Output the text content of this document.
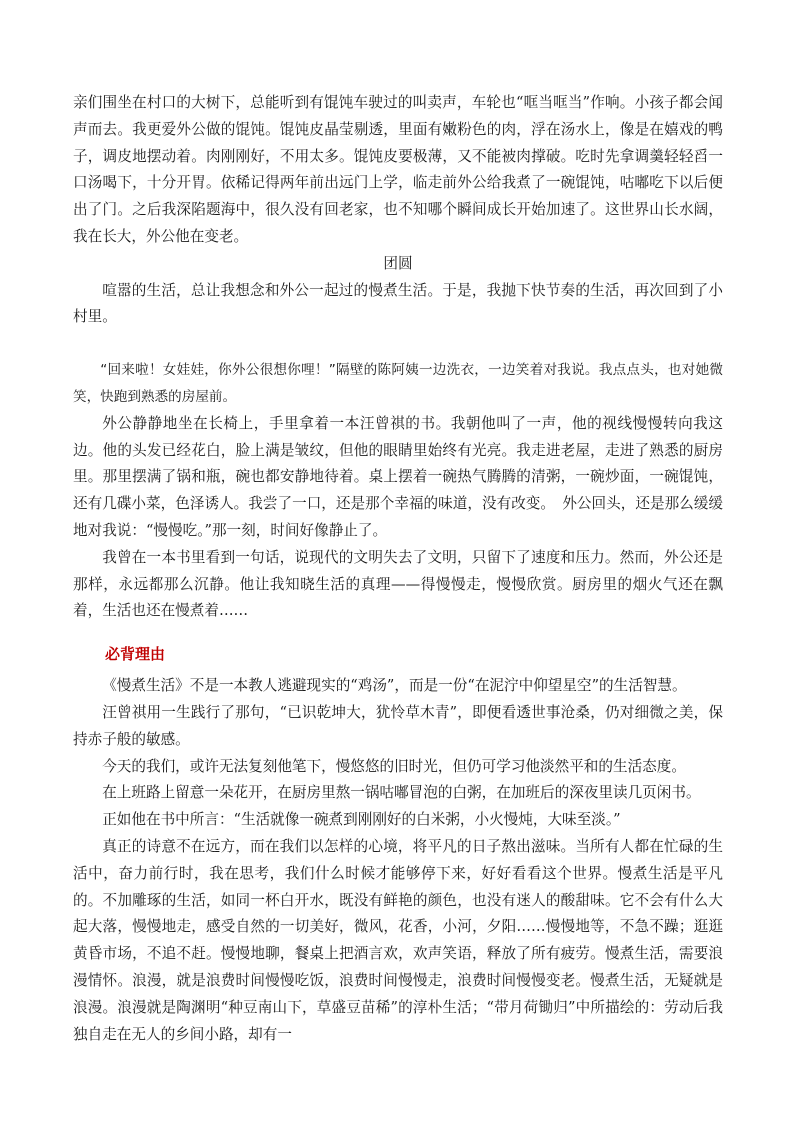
亲们围坐在村口的大树下，总能听到有馄饨车驶过的叫卖声，车轮也“哐当哐当”作响。小孩子都会闻声而去。我更爱外公做的馄饨。馄饨皮晶莹剔透，里面有嫩粉色的肉，浮在汤水上，像是在嬉戏的鸭子，调皮地摆动着。肉刚刚好，不用太多。馄饨皮要极薄，又不能被肉撑破。吃时先拿调羹轻轻舀一口汤喝下，十分开胃。依稀记得两年前出远门上学，临走前外公给我煮了一碗馄饨，咕嘟吃下以后便出了门。之后我深陷题海中，很久没有回老家，也不知哪个瞬间成长开始加速了。这世界山长水阔，我在长大，外公他在变老。

团圆

喧嚣的生活，总让我想念和外公一起过的慢煮生活。于是，我抛下快节奏的生活，再次回到了小村里。

“回来啦！女娃娃，你外公很想你哩！”隔壁的陈阿姨一边洗衣，一边笑着对我说。我点点头，也对她微笑，快跑到熟悉的房屋前。

外公静静地坐在长椅上，手里拿着一本汪曾祺的书。我朝他叫了一声，他的视线慢慢转向我这边。他的头发已经花白，脸上满是皱纹，但他的眼睛里始终有光亮。我走进老屋，走进了熟悉的厨房里。那里摆满了锅和瓶，碗也都安静地待着。桌上摆着一碗热气腾腾的清粥，一碗炒面，一碗馄饨，还有几碟小菜，色泽诱人。我尝了一口，还是那个幸福的味道，没有改变。　外公回头，还是那么缓缓地对我说：“慢慢吃。”那一刻，时间好像静止了。

我曾在一本书里看到一句话，说现代的文明失去了文明，只留下了速度和压力。然而，外公还是那样，永远都那么沉静。他让我知晓生活的真理——得慢慢走，慢慢欣赏。厨房里的烟火气还在飘着，生活也还在慢煮着……

必背理由

《慢煮生活》不是一本教人逃避现实的“鸡汤”，而是一份“在泥泞中仰望星空”的生活智慧。

汪曾祺用一生践行了那句，“已识乾坤大，犹怜草木青”，即便看透世事沧桑，仍对细微之美，保持赤子般的敏感。

今天的我们，或许无法复刻他笔下，慢悠悠的旧时光，但仍可学习他淡然平和的生活态度。

在上班路上留意一朵花开，在厨房里熬一锅咕嘟冒泡的白粥，在加班后的深夜里读几页闲书。

正如他在书中所言：“生活就像一碗煮到刚刚好的白米粥，小火慢炖，大味至淡。”

真正的诗意不在远方，而在我们以怎样的心境，将平凡的日子熬出滋味。当所有人都在忙碌的生活中，奋力前行时，我在思考，我们什么时候才能够停下来，好好看看这个世界。慢煮生活是平凡的。不加雕琢的生活，如同一杯白开水，既没有鲜艳的颜色，也没有迷人的酸甜味。它不会有什么大起大落，慢慢地走，感受自然的一切美好，微风，花香，小河，夕阳……慢慢地等，不急不躁；逛逛黄昏市场，不追不赶。慢慢地聊，餐桌上把酒言欢，欢声笑语，释放了所有疲劳。慢煮生活，需要浪漫情怀。浪漫，就是浪费时间慢慢吃饭，浪费时间慢慢走，浪费时间慢慢变老。慢煮生活，无疑就是浪漫。浪漫就是陶渊明“种豆南山下，草盛豆苗稀”的淳朴生活；“带月荷锄归”中所描绘的：劳动后我独自走在无人的乡间小路，却有一
